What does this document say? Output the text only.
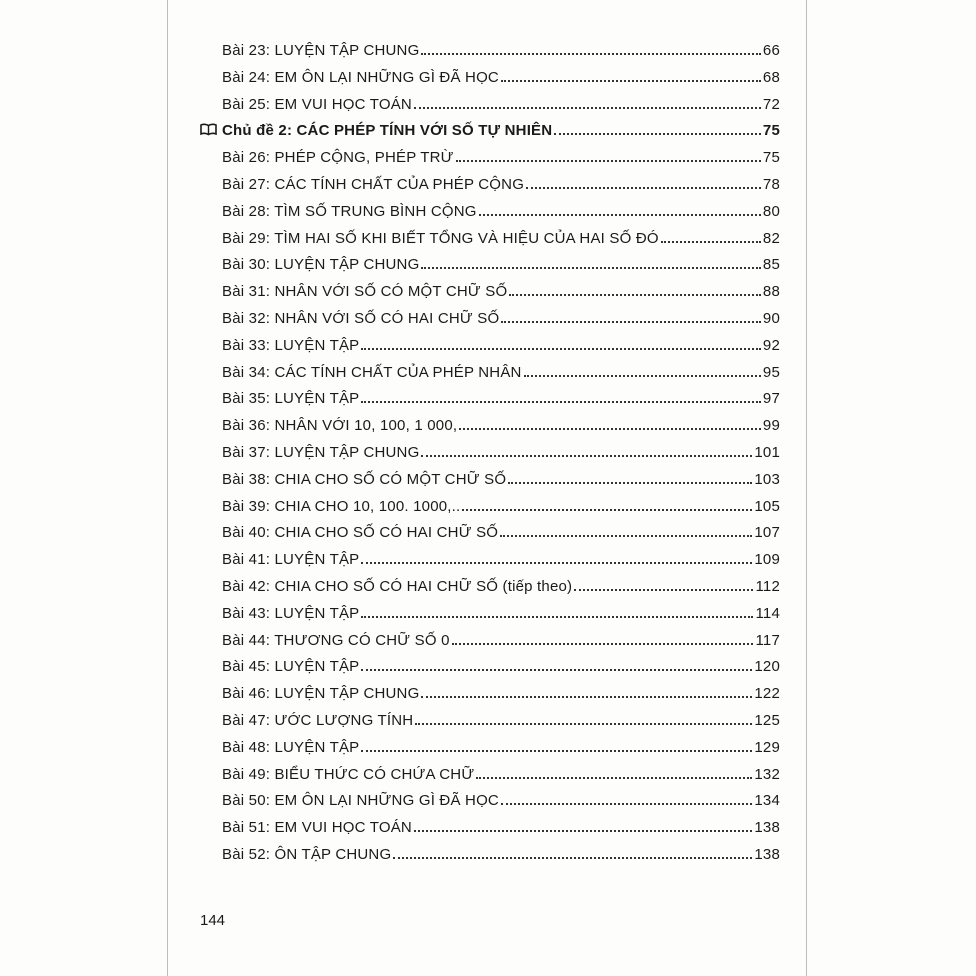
Bài 23: LUYỆN TẬP CHUNG	66
Bài 24: EM ÔN LẠI NHỮNG GÌ ĐÃ HỌC	68
Bài 25: EM VUI HỌC TOÁN	72
Chủ đề 2: CÁC PHÉP TÍNH VỚI SỐ TỰ NHIÊN	75
Bài 26: PHÉP CỘNG, PHÉP TRỪ	75
Bài 27: CÁC TÍNH CHẤT CỦA PHÉP CỘNG	78
Bài 28: TÌM SỐ TRUNG BÌNH CỘNG	80
Bài 29: TÌM HAI SỐ KHI BIẾT TỔNG VÀ HIỆU CỦA HAI SỐ ĐÓ	82
Bài 30: LUYỆN TẬP CHUNG	85
Bài 31: NHÂN VỚI SỐ CÓ MỘT CHỮ SỐ	88
Bài 32: NHÂN VỚI SỐ CÓ HAI CHỮ SỐ	90
Bài 33: LUYỆN TẬP	92
Bài 34: CÁC TÍNH CHẤT CỦA PHÉP NHÂN	95
Bài 35: LUYỆN TẬP	97
Bài 36: NHÂN VỚI 10, 100, 1 000,	99
Bài 37: LUYỆN TẬP CHUNG	101
Bài 38: CHIA CHO SỐ CÓ MỘT CHỮ SỐ	103
Bài 39: CHIA CHO 10, 100. 1000,..	105
Bài 40: CHIA CHO SỐ CÓ HAI CHỮ SỐ	107
Bài 41: LUYỆN TẬP	109
Bài 42: CHIA CHO SỐ CÓ HAI CHỮ SỐ (tiếp theo)	112
Bài 43: LUYỆN TẬP	114
Bài 44: THƯƠNG CÓ CHỮ SỐ 0	117
Bài 45: LUYỆN TẬP	120
Bài 46: LUYỆN TẬP CHUNG	122
Bài 47: ƯỚC LƯỢNG TÍNH	125
Bài 48: LUYỆN TẬP	129
Bài 49: BIỂU THỨC CÓ CHỨA CHỮ	132
Bài 50: EM ÔN LẠI NHỮNG GÌ ĐÃ HỌC	134
Bài 51: EM VUI HỌC TOÁN	138
Bài 52: ÔN TẬP CHUNG	138
144
